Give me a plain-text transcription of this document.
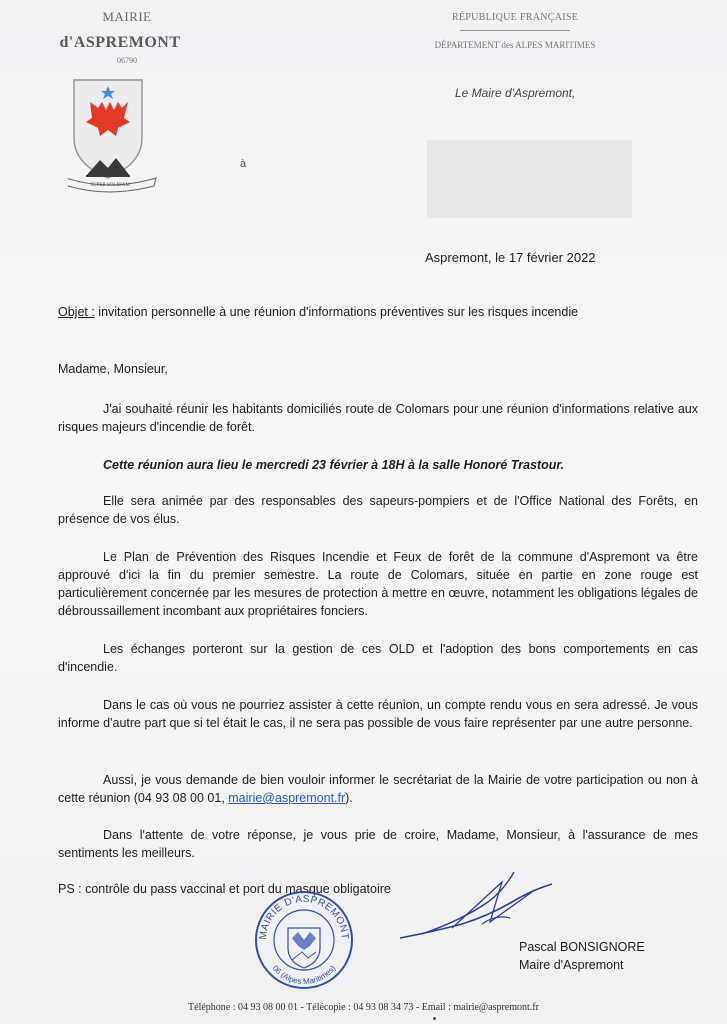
MAIRIE
d'ASPREMONT
06790
SUPER SOLIDAM
RÉPUBLIQUE FRANÇAISE
DÉPARTEMENT des ALPES MARITIMES
Le Maire d'Aspremont,
à
Aspremont, le 17 février 2022
Objet : invitation personnelle à une réunion d'informations préventives sur les risques incendie
Madame, Monsieur,
J'ai souhaité réunir les habitants domiciliés route de Colomars pour une réunion d'informations relative aux risques majeurs d'incendie de forêt.
Cette réunion aura lieu le mercredi 23 février à 18H à la salle Honoré Trastour.
Elle sera animée par des responsables des sapeurs-pompiers et de l'Office National des Forêts, en présence de vos élus.
Le Plan de Prévention des Risques Incendie et Feux de forêt de la commune d'Aspremont va être approuvé d'ici la fin du premier semestre. La route de Colomars, située en partie en zone rouge est particulièrement concernée par les mesures de protection à mettre en œuvre, notamment les obligations légales de débroussaillement incombant aux propriétaires fonciers.
Les échanges porteront sur la gestion de ces OLD et l'adoption des bons comportements en cas d'incendie.
Dans le cas où vous ne pourriez assister à cette réunion, un compte rendu vous en sera adressé. Je vous informe d'autre part que si tel était le cas, il ne sera pas possible de vous faire représenter par une autre personne.
Aussi, je vous demande de bien vouloir informer le secrétariat de la Mairie de votre participation ou non à cette réunion (04 93 08 00 01, mairie@aspremont.fr).
Dans l'attente de votre réponse, je vous prie de croire, Madame, Monsieur, à l'assurance de mes sentiments les meilleurs.
PS : contrôle du pass vaccinal et port du masque obligatoire
MAIRIE D'ASPREMONT
06 (Alpes Maritimes)
Pascal BONSIGNORE
Maire d'Aspremont
Téléphone : 04 93 08 00 01 - Télécopie : 04 93 08 34 73 - Email : mairie@aspremont.fr
